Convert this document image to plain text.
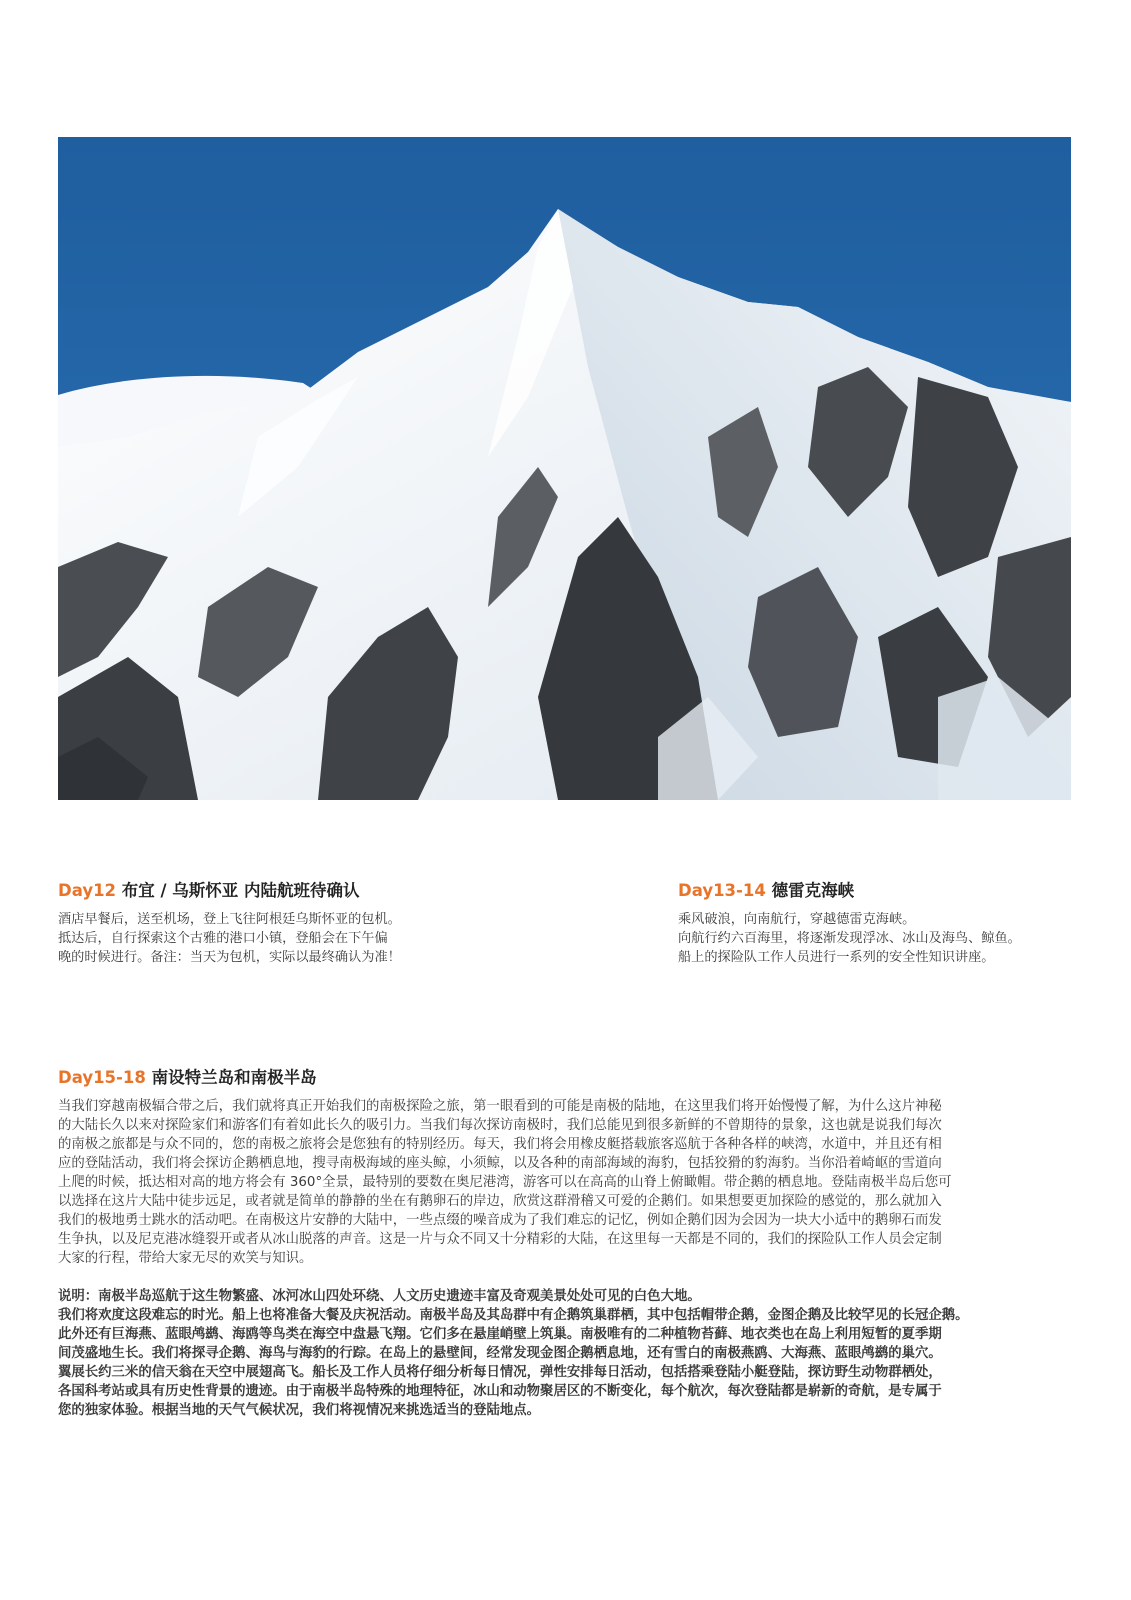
Day12 布宜 / 乌斯怀亚 内陆航班待确认

酒店早餐后，送至机场，登上飞往阿根廷乌斯怀亚的包机。
抵达后，自行探索这个古雅的港口小镇，登船会在下午偏
晚的时候进行。备注：当天为包机，实际以最终确认为准！

Day13-14 德雷克海峡

乘风破浪，向南航行，穿越德雷克海峡。
向航行约六百海里，将逐渐发现浮冰、冰山及海鸟、鲸鱼。
船上的探险队工作人员进行一系列的安全性知识讲座。

Day15-18 南设特兰岛和南极半岛

当我们穿越南极辐合带之后，我们就将真正开始我们的南极探险之旅，第一眼看到的可能是南极的陆地，在这里我们将开始慢慢了解，为什么这片神秘
的大陆长久以来对探险家们和游客们有着如此长久的吸引力。当我们每次探访南极时，我们总能见到很多新鲜的不曾期待的景象，这也就是说我们每次
的南极之旅都是与众不同的，您的南极之旅将会是您独有的特别经历。每天，我们将会用橡皮艇搭载旅客巡航于各种各样的峡湾，水道中，并且还有相
应的登陆活动，我们将会探访企鹅栖息地，搜寻南极海域的座头鲸，小须鲸，以及各种的南部海域的海豹，包括狡猾的豹海豹。当你沿着崎岖的雪道向
上爬的时候，抵达相对高的地方将会有 360°全景，最特别的要数在奥尼港湾，游客可以在高高的山脊上俯瞰帽。带企鹅的栖息地。登陆南极半岛后您可
以选择在这片大陆中徒步远足，或者就是简单的静静的坐在有鹅卵石的岸边，欣赏这群滑稽又可爱的企鹅们。如果想要更加探险的感觉的，那么就加入
我们的极地勇士跳水的活动吧。在南极这片安静的大陆中，一些点缀的噪音成为了我们难忘的记忆，例如企鹅们因为会因为一块大小适中的鹅卵石而发
生争执，以及尼克港冰缝裂开或者从冰山脱落的声音。这是一片与众不同又十分精彩的大陆，在这里每一天都是不同的，我们的探险队工作人员会定制
大家的行程，带给大家无尽的欢笑与知识。

说明：南极半岛巡航于这生物繁盛、冰河冰山四处环绕、人文历史遗迹丰富及奇观美景处处可见的白色大地。
我们将欢度这段难忘的时光。船上也将准备大餐及庆祝活动。南极半岛及其岛群中有企鹅筑巢群栖，其中包括帽带企鹅，金图企鹅及比较罕见的长冠企鹅。
此外还有巨海燕、蓝眼鸬鹚、海鸥等鸟类在海空中盘悬飞翔。它们多在悬崖峭壁上筑巢。南极唯有的二种植物苔藓、地衣类也在岛上利用短暂的夏季期
间茂盛地生长。我们将探寻企鹅、海鸟与海豹的行踪。在岛上的悬壁间，经常发现金图企鹅栖息地，还有雪白的南极燕鸥、大海燕、蓝眼鸬鹚的巢穴。
翼展长约三米的信天翁在天空中展翅高飞。船长及工作人员将仔细分析每日情况，弹性安排每日活动，包括搭乘登陆小艇登陆，探访野生动物群栖处，
各国科考站或具有历史性背景的遗迹。由于南极半岛特殊的地理特征，冰山和动物聚居区的不断变化，每个航次，每次登陆都是崭新的奇航，是专属于
您的独家体验。根据当地的天气气候状况，我们将视情况来挑选适当的登陆地点。
